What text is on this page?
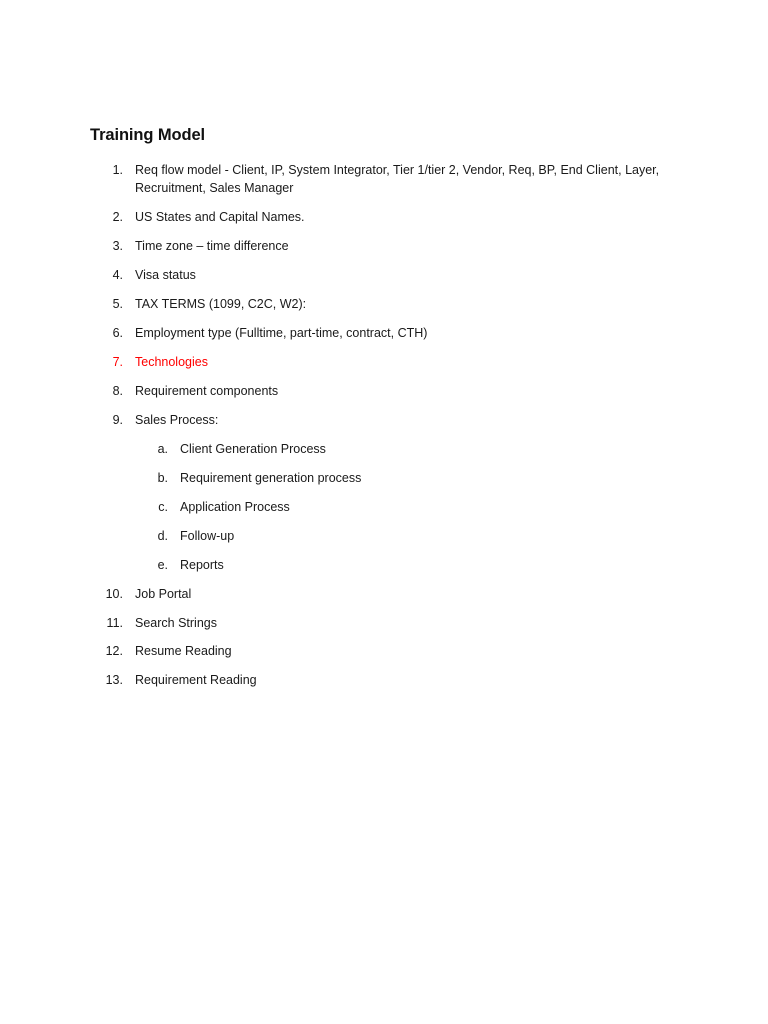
Training Model
1. Req flow model - Client, IP, System Integrator, Tier 1/tier 2, Vendor, Req, BP, End Client, Layer,
Recruitment, Sales Manager
2. US States and Capital Names.
3. Time zone – time difference
4. Visa status
5. TAX TERMS (1099, C2C, W2):
6. Employment type (Fulltime, part-time, contract, CTH)
7. Technologies
8. Requirement components
9. Sales Process:
a. Client Generation Process
b. Requirement generation process
c. Application Process
d. Follow-up
e. Reports
10. Job Portal
11. Search Strings
12. Resume Reading
13. Requirement Reading
